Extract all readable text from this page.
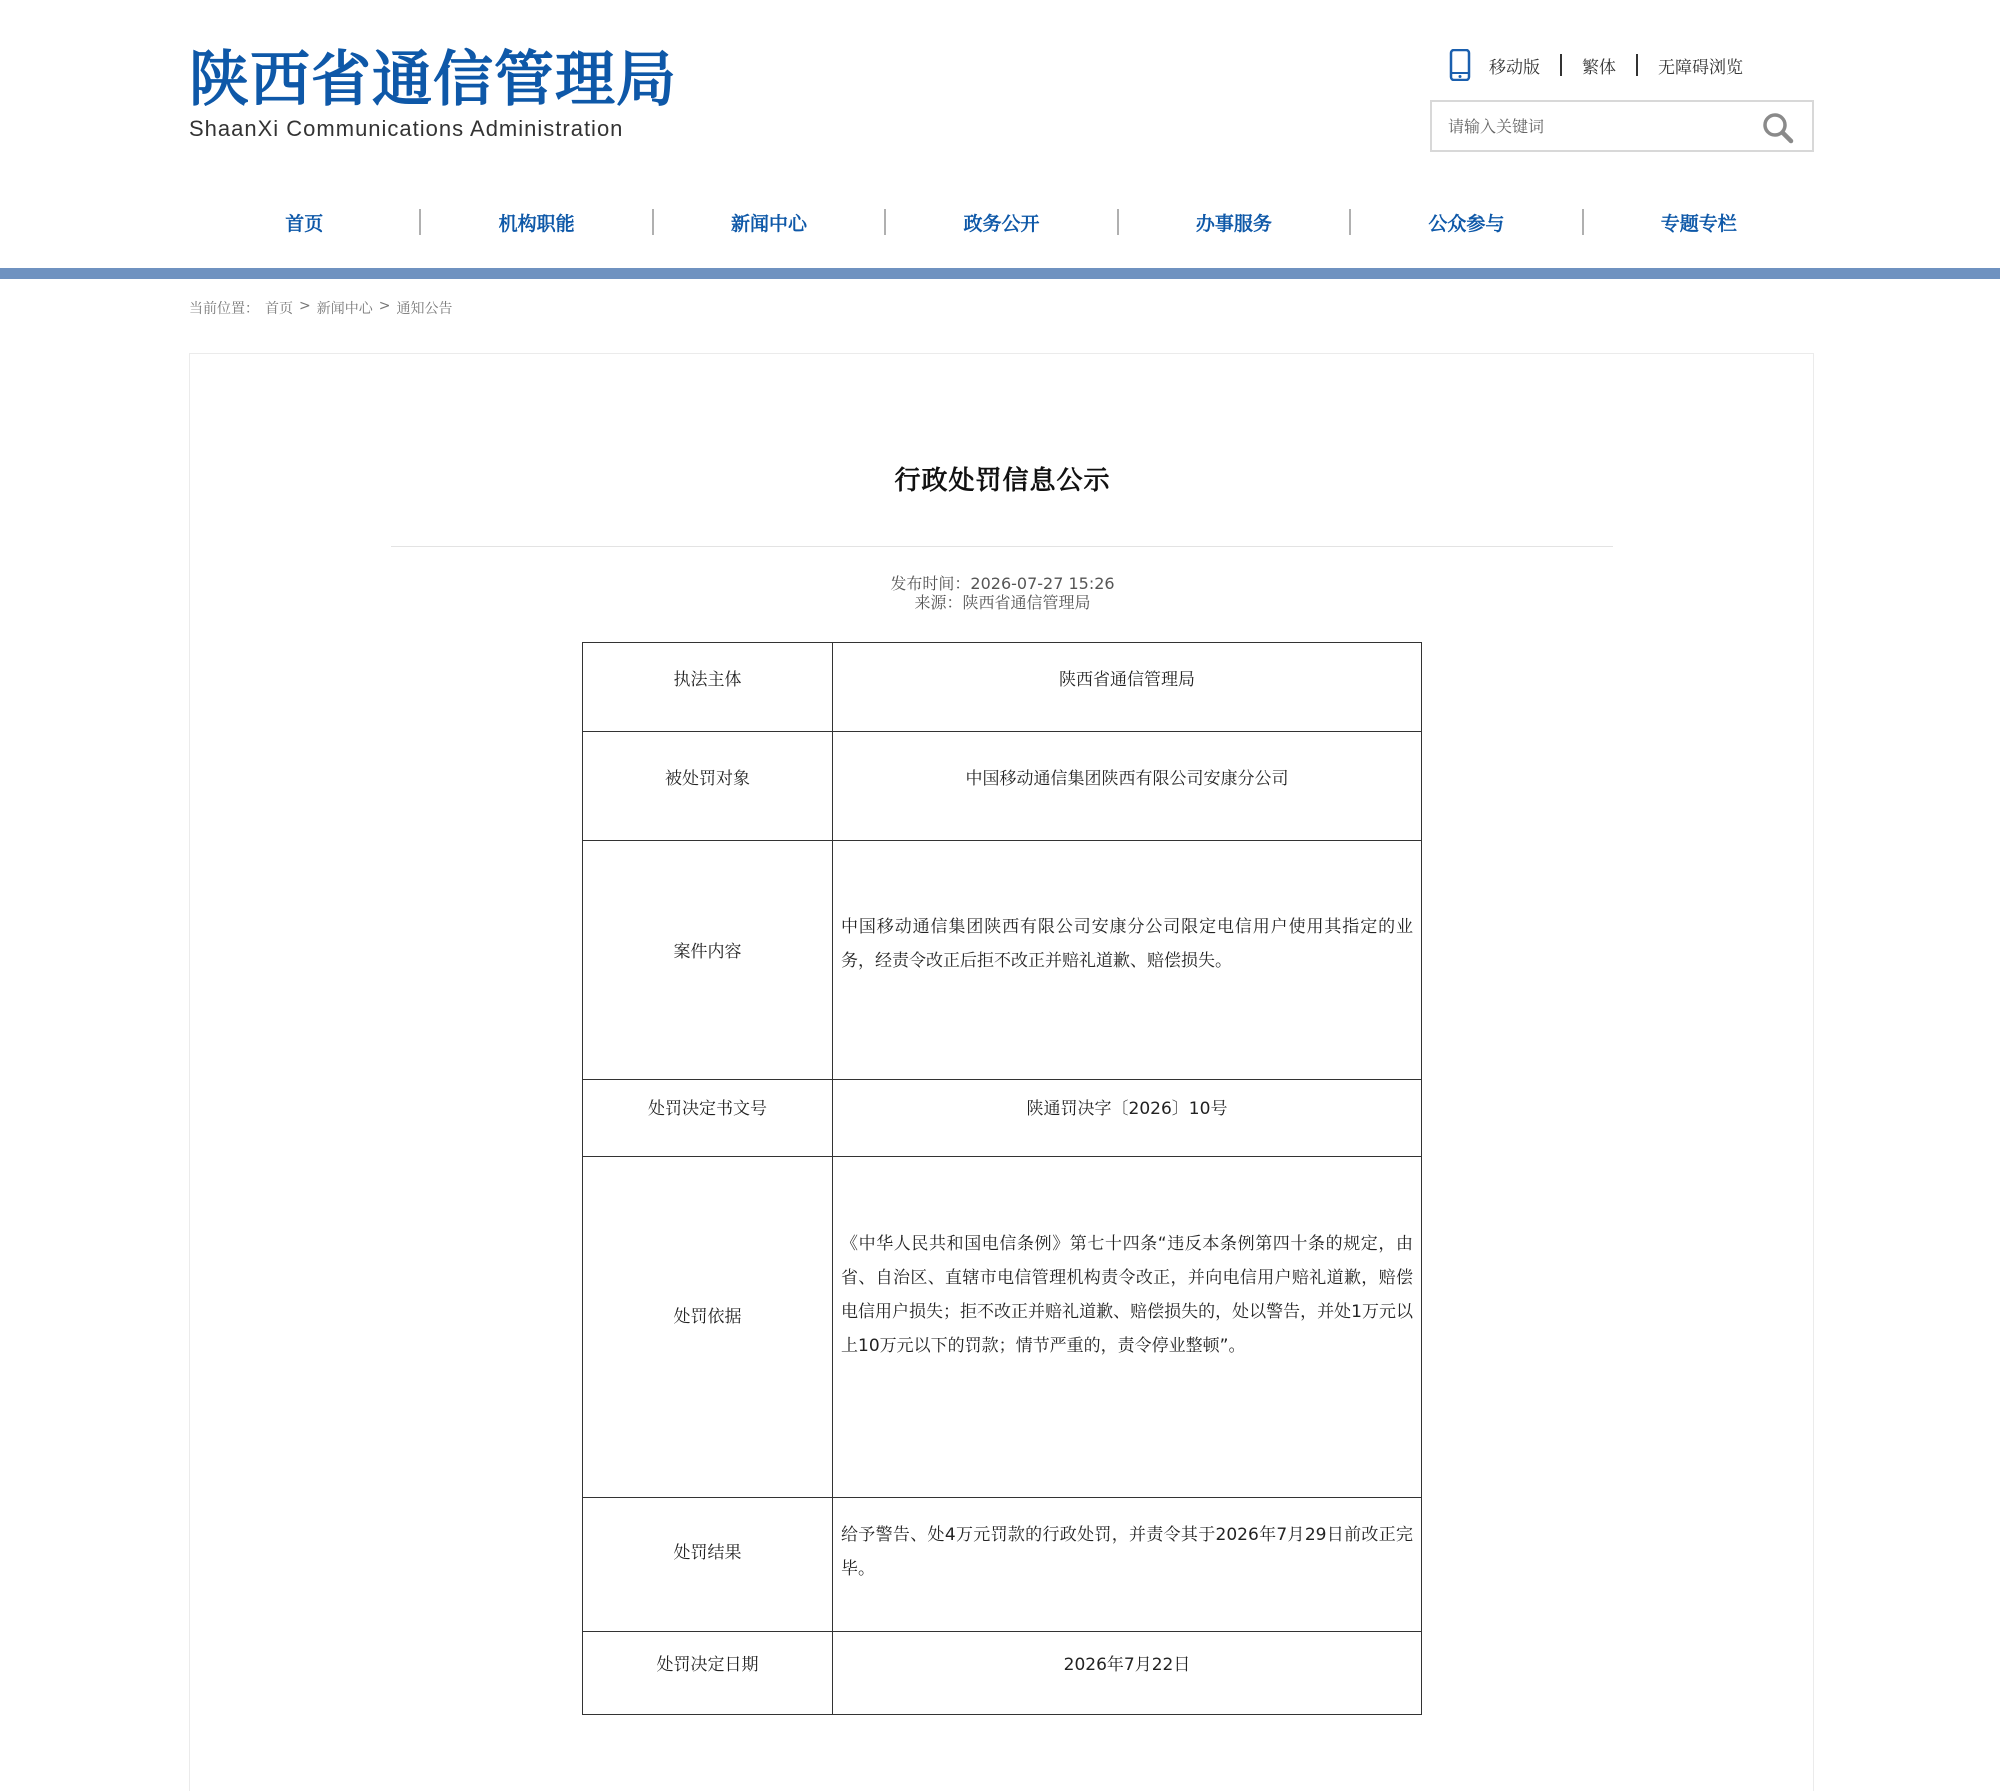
陕西省通信管理局
ShaanXi Communications Administration
移动版 繁体 无障碍浏览
请输入关键词
首页	机构职能	新闻中心	政务公开	办事服务	公众参与	专题专栏
当前位置： 首页 > 新闻中心 > 通知公告
行政处罚信息公示
发布时间：2026-07-27 15:26
来源：陕西省通信管理局
执法主体	陕西省通信管理局

被处罚对象	中国移动通信集团陕西有限公司安康分公司

案件内容	中国移动通信集团陕西有限公司安康分公司限定电信用户使用其指定的业务，经责令改正后拒不改正并赔礼道歉、赔偿损失。

处罚决定书文号	陕通罚决字〔2026〕10号

处罚依据	《中华人民共和国电信条例》第七十四条“违反本条例第四十条的规定，由省、自治区、直辖市电信管理机构责令改正，并向电信用户赔礼道歉，赔偿电信用户损失；拒不改正并赔礼道歉、赔偿损失的，处以警告，并处1万元以上10万元以下的罚款；情节严重的，责令停业整顿”。

处罚结果	给予警告、处4万元罚款的行政处罚，并责令其于2026年7月29日前改正完毕。

处罚决定日期	2026年7月22日
